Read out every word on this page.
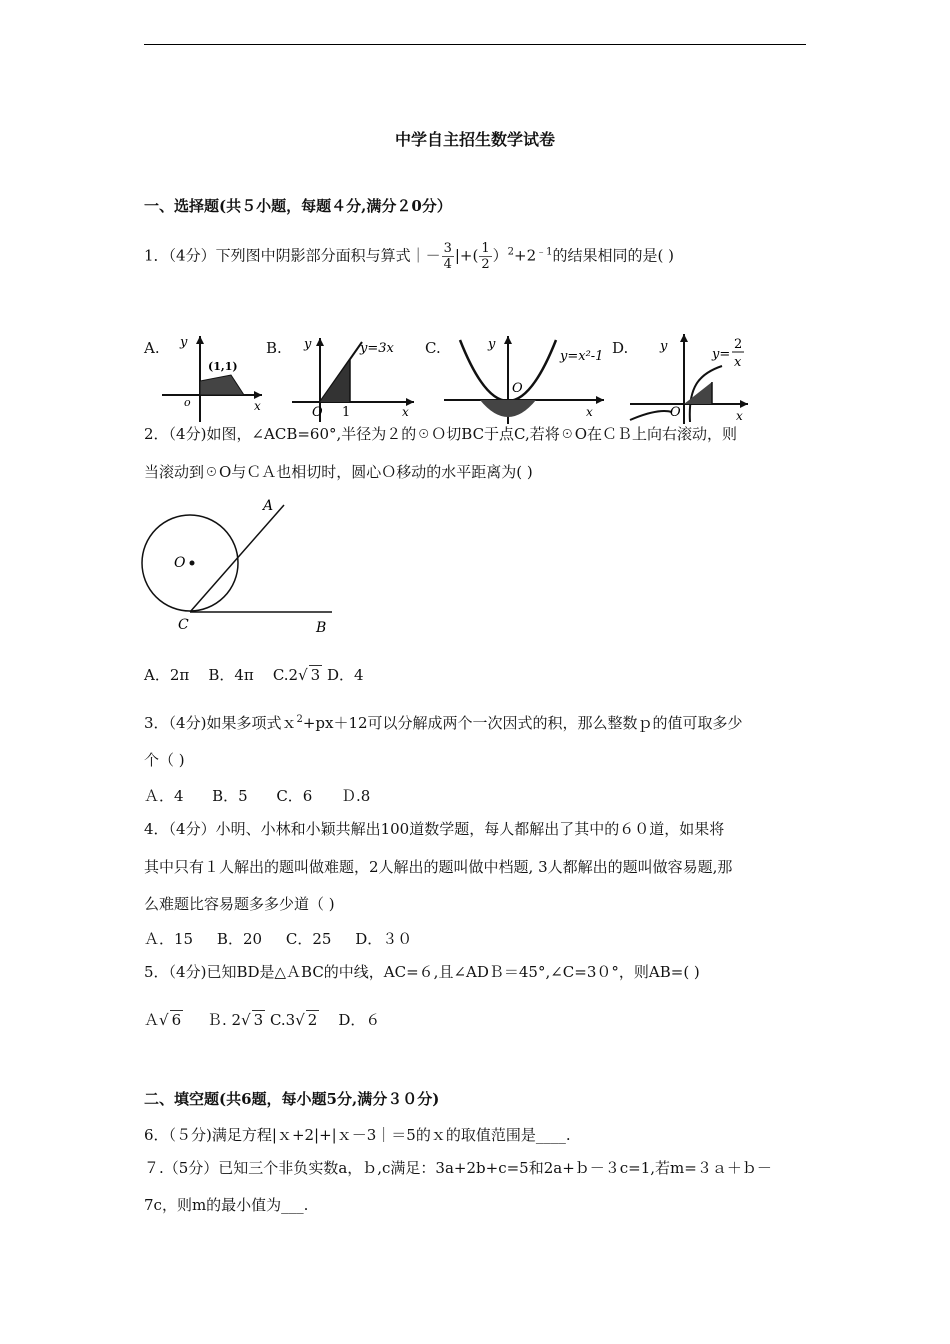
中学自主招生数学试卷
一、选择题(共５小题，每题４分,满分２0分）
1．（4分）下列图中阴影部分面积与算式｜－ $\frac{3}{4}$ |+( $\frac{1}{2} )^2+2^{﹣1}$的结果相同的是( )
A. y
x
o
(1,1)
B. y	y=3x
O 1	x
C.	y
O
y=x²-1
x
D. y
y=
2
x
O	x
2．（4分)如图，∠ACB=60°,半径为２的☉Ｏ切BC于点C,若将☉O在ＣＢ上向右滚动，则
当滚动到☉O与ＣＡ也相切时，圆心Ｏ移动的水平距离为( )
O
A
C	B
A．2π B．4π C.2√ 3 D．4
3．（4分)如果多项式ｘ$^2$+px＋12可以分解成两个一次因式的积，那么整数ｐ的值可取多少
个（ )
Ａ．4      B．5      C．6      Ｄ.8
4．（4分）小明、小林和小颖共解出100道数学题，每人都解出了其中的６０道，如果将
其中只有１人解出的题叫做难题，2人解出的题叫做中档题, 3人都解出的题叫做容易题,那
么难题比容易题多多少道（ )
Ａ．15     B．20     C．25     D．３０
5．（4分)已知BD是△ＡBC的中线，AC=６,且∠ADＢ＝45°,∠C=3０°，则AB=( )
Ａ√ 6 Ｂ. 2√ 3 C.3√ 2 D．６
二、填空题(共6题，每小题5分,满分３０分)
6．（５分)满足方程|ｘ+2|+|ｘ－3｜＝5的ｘ的取值范围是____.
７.（5分）已知三个非负实数a，ｂ,c满足：3a+2b+c=5和2a+ｂ－３c=1,若m=３ａ＋ｂ－
7c，则m的最小值为___.
